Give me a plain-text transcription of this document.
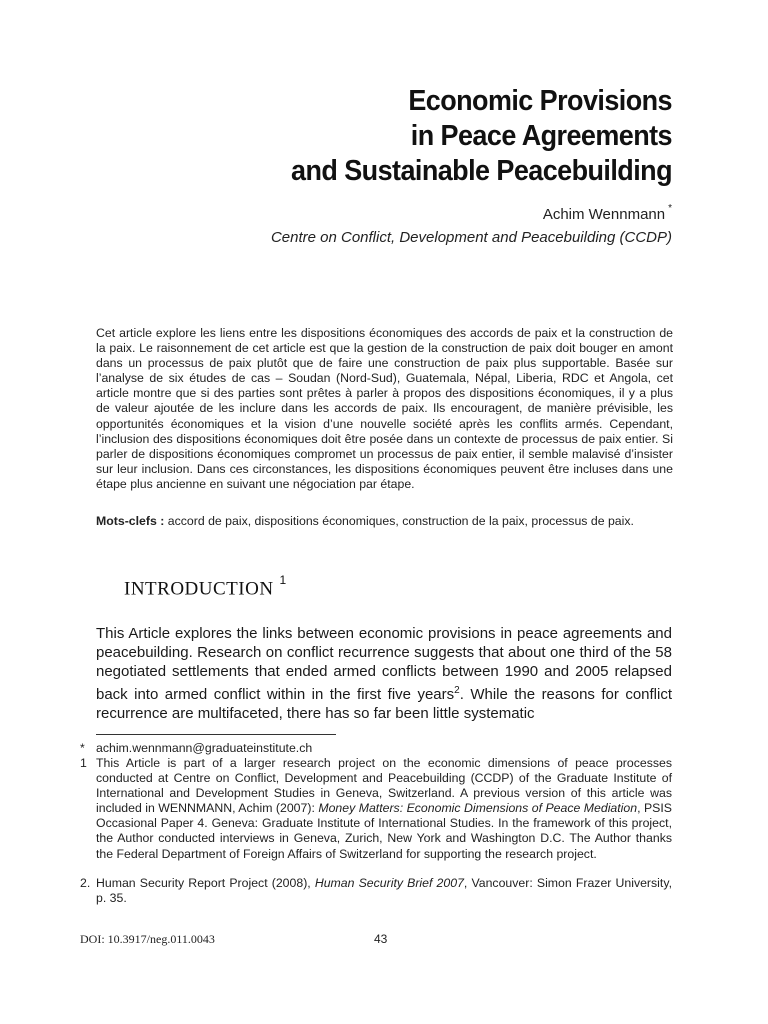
Economic Provisions
in Peace Agreements
and Sustainable Peacebuilding
Achim Wennmann *
Centre on Conflict, Development and Peacebuilding (CCDP)

Cet article explore les liens entre les dispositions économiques des accords de paix et la construction de la paix. Le raisonnement de cet article est que la gestion de la construction de paix doit bouger en amont dans un processus de paix plutôt que de faire une construction de paix plus supportable. Basée sur l’analyse de six études de cas – Soudan (Nord-Sud), Guatemala, Népal, Liberia, RDC et Angola, cet article montre que si des parties sont prêtes à parler à propos des dispositions économiques, il y a plus de valeur ajoutée de les inclure dans les accords de paix. Ils encouragent, de manière prévisible, les opportunités économiques et la vision d’une nouvelle société après les conflits armés. Cependant, l’inclusion des dispositions économiques doit être posée dans un contexte de processus de paix entier. Si parler de dispositions économiques compromet un processus de paix entier, il semble malavisé d’insister sur leur inclusion. Dans ces circonstances, les dispositions économiques peuvent être incluses dans une étape plus ancienne en suivant une négociation par étape.

Mots-clefs : accord de paix, dispositions économiques, construction de la paix, processus de paix.

INTRODUCTION $^1$

This Article explores the links between economic provisions in peace agreements and peacebuilding. Research on conflict recurrence suggests that about one third of the 58 negotiated settlements that ended armed conflicts between 1990 and 2005 relapsed back into armed conflict within in the first five years$^2$. While the reasons for conflict recurrence are multifaceted, there has so far been little systematic

* achim.wennmann@graduateinstitute.ch
1 This Article is part of a larger research project on the economic dimensions of peace processes conducted at Centre on Conflict, Development and Peacebuilding (CCDP) of the Graduate Institute of International and Development Studies in Geneva, Switzerland. A previous version of this article was included in WENNMANN, Achim (2007): Money Matters: Economic Dimensions of Peace Mediation, PSIS Occasional Paper 4. Geneva: Graduate Institute of International Studies. In the framework of this project, the Author conducted interviews in Geneva, Zurich, New York and Washington D.C. The Author thanks the Federal Department of Foreign Affairs of Switzerland for supporting the research project.
2. Human Security Report Project (2008), Human Security Brief 2007, Vancouver: Simon Frazer University, p. 35.
DOI: 10.3917/neg.011.0043	43
